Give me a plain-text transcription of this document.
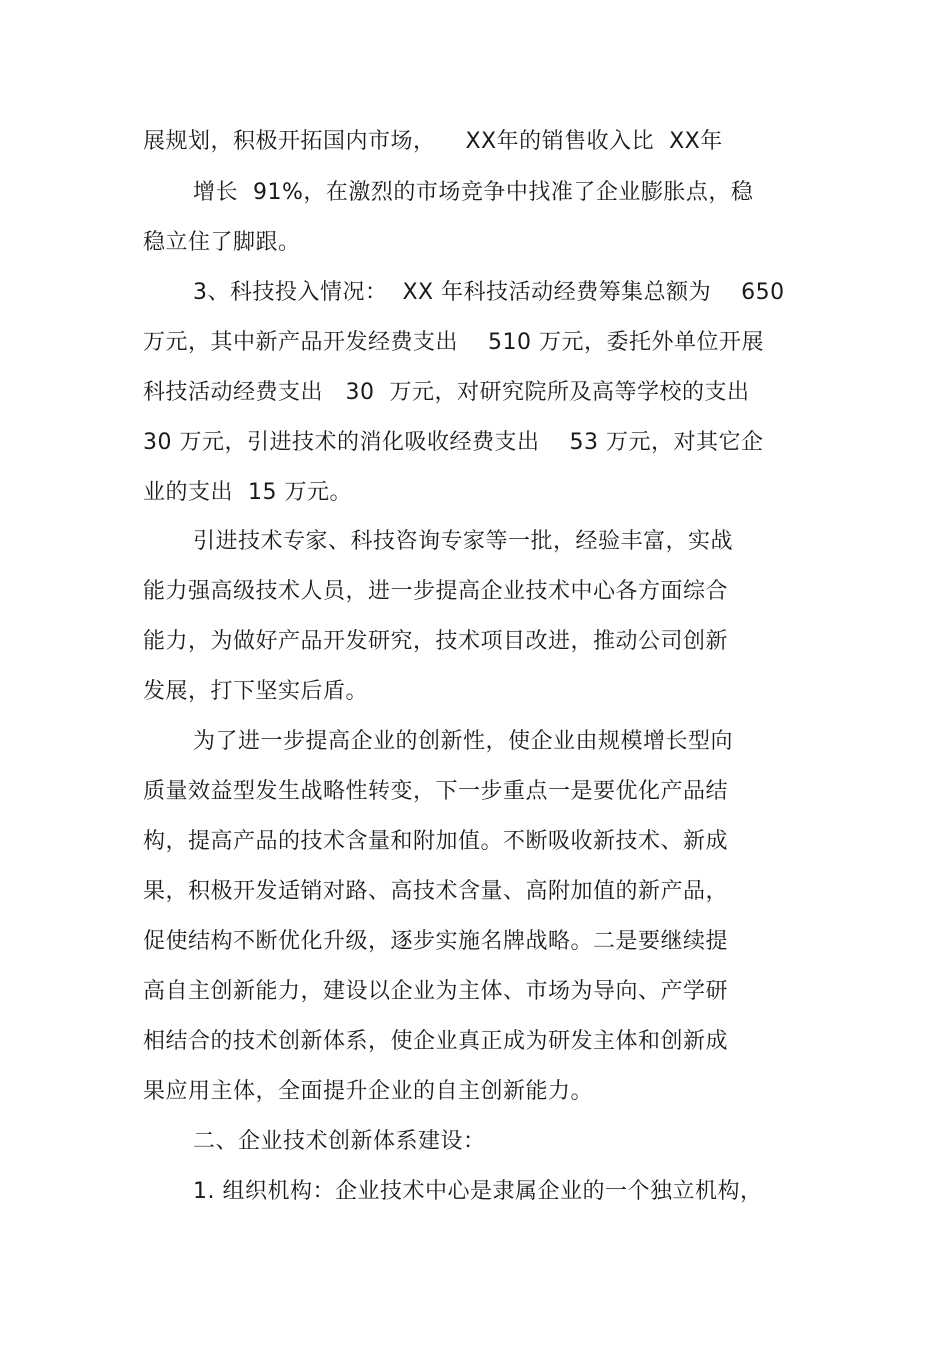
展规划，积极开拓国内市场，    XX年的销售收入比  XX年
增长  91%，在激烈的市场竞争中找准了企业膨胀点，稳
稳立住了脚跟。
3、科技投入情况：  XX 年科技活动经费筹集总额为    650
万元，其中新产品开发经费支出    510 万元，委托外单位开展
科技活动经费支出   30  万元，对研究院所及高等学校的支出
30 万元，引进技术的消化吸收经费支出    53 万元，对其它企
业的支出  15 万元。
引进技术专家、科技咨询专家等一批，经验丰富，实战
能力强高级技术人员，进一步提高企业技术中心各方面综合
能力，为做好产品开发研究，技术项目改进，推动公司创新
发展，打下坚实后盾。
为了进一步提高企业的创新性，使企业由规模增长型向
质量效益型发生战略性转变，下一步重点一是要优化产品结
构，提高产品的技术含量和附加值。不断吸收新技术、新成
果，积极开发适销对路、高技术含量、高附加值的新产品，
促使结构不断优化升级，逐步实施名牌战略。二是要继续提
高自主创新能力，建设以企业为主体、市场为导向、产学研
相结合的技术创新体系，使企业真正成为研发主体和创新成
果应用主体，全面提升企业的自主创新能力。
二、企业技术创新体系建设：
1. 组织机构：企业技术中心是隶属企业的一个独立机构，
